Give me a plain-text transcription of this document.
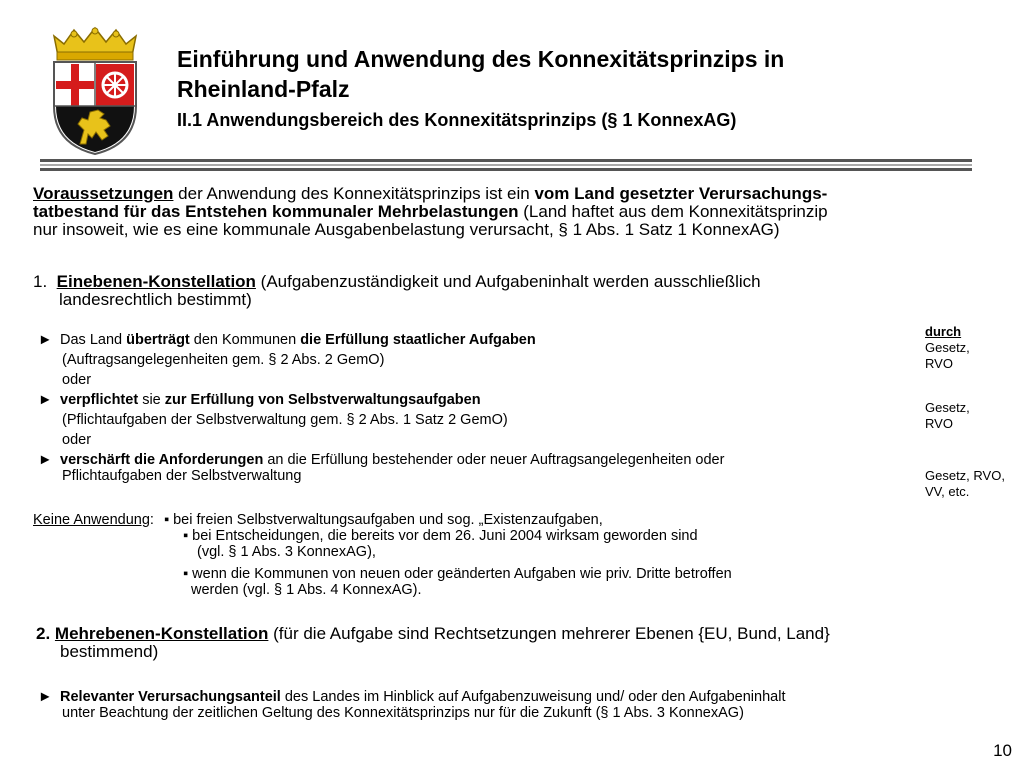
Einführung und Anwendung des Konnexitätsprinzips in
Rheinland-Pfalz
II.1 Anwendungsbereich des Konnexitätsprinzips (§ 1 KonnexAG)
Voraussetzungen der Anwendung des Konnexitätsprinzips ist ein vom Land gesetzter Verursachungs-
tatbestand für das Entstehen kommunaler Mehrbelastungen (Land haftet aus dem Konnexitätsprinzip
nur insoweit, wie es eine kommunale Ausgabenbelastung verursacht, § 1 Abs. 1 Satz 1 KonnexAG)
1. Einebenen-Konstellation (Aufgabenzuständigkeit und Aufgabeninhalt werden ausschließlich
landesrechtlich bestimmt)
► Das Land überträgt den Kommunen die Erfüllung staatlicher Aufgaben
(Auftragsangelegenheiten gem. § 2 Abs. 2 GemO)
oder
► verpflichtet sie zur Erfüllung von Selbstverwaltungsaufgaben
(Pflichtaufgaben der Selbstverwaltung gem. § 2 Abs. 1 Satz 2 GemO)
oder
► verschärft die Anforderungen an die Erfüllung bestehender oder neuer Auftragsangelegenheiten oder
Pflichtaufgaben der Selbstverwaltung
durch
Gesetz,
RVO
Gesetz,
RVO
Gesetz, RVO,
VV, etc.
Keine Anwendung: ▪ bei freien Selbstverwaltungsaufgaben und sog. „Existenzaufgaben,
▪ bei Entscheidungen, die bereits vor dem 26. Juni 2004 wirksam geworden sind
(vgl. § 1 Abs. 3 KonnexAG),
▪ wenn die Kommunen von neuen oder geänderten Aufgaben wie priv. Dritte betroffen
werden (vgl. § 1 Abs. 4 KonnexAG).
2. Mehrebenen-Konstellation (für die Aufgabe sind Rechtsetzungen mehrerer Ebenen {EU, Bund, Land}
bestimmend)
► Relevanter Verursachungsanteil des Landes im Hinblick auf Aufgabenzuweisung und/ oder den Aufgabeninhalt
unter Beachtung der zeitlichen Geltung des Konnexitätsprinzips nur für die Zukunft (§ 1 Abs. 3 KonnexAG)
10
